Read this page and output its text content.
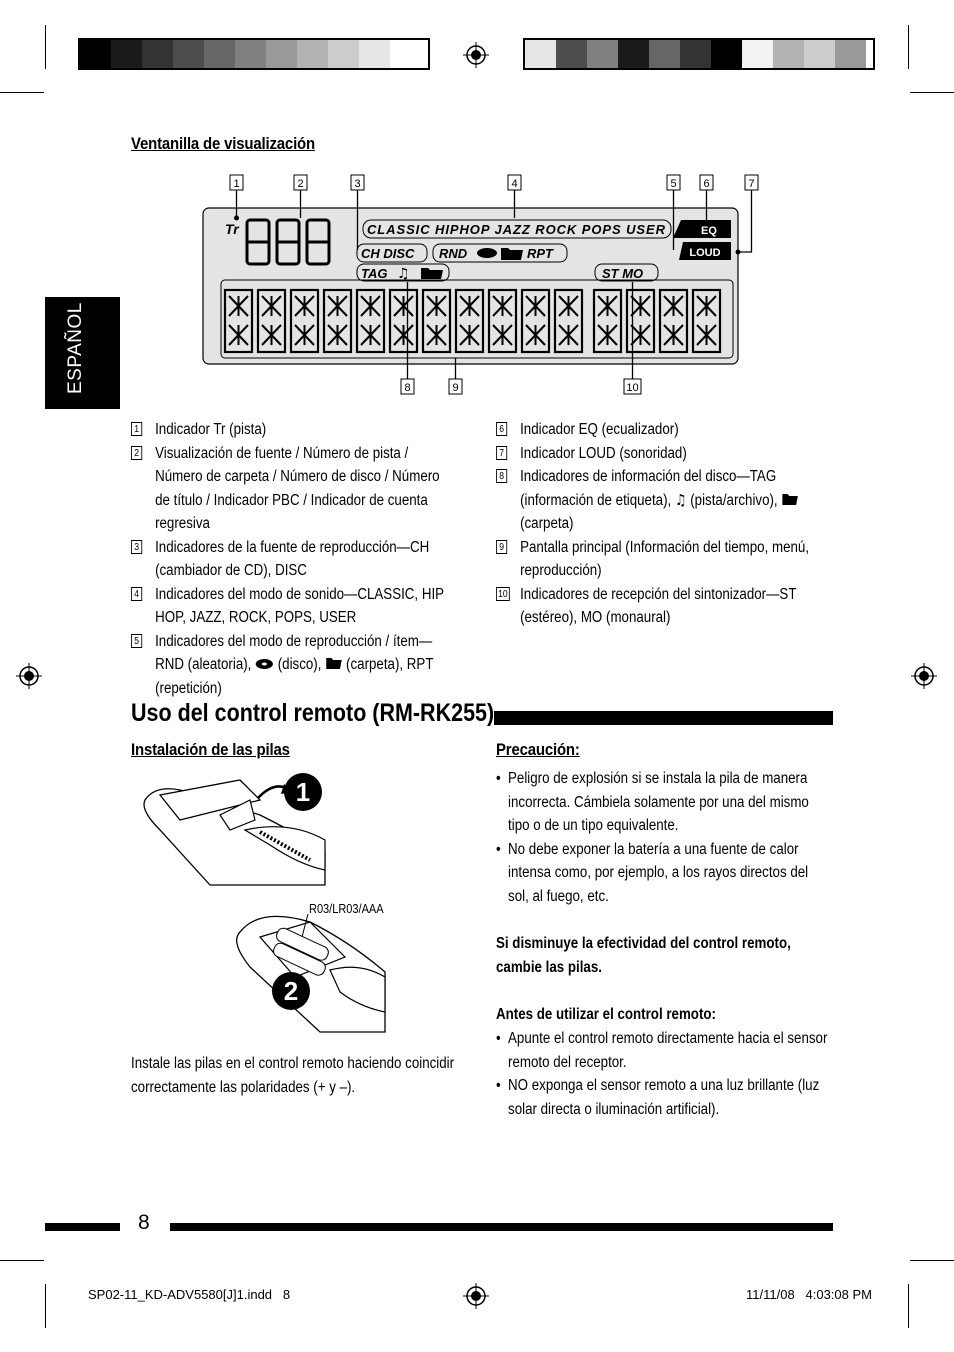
ESPAÑOL
Ventanilla de visualización
1	2	3	4	5 6	7
8	9	10
Tr	CLASSIC HIPHOP JAZZ ROCK POPS USER	EQ
LOUD
CH DISC RND	RPT
TAG ♫	ST MO
1 Indicador Tr (pista)
2 Visualización de fuente / Número de pista / Número de carpeta / Número de disco / Número de título / Indicador PBC / Indicador de cuenta regresiva
3 Indicadores de la fuente de reproducción—CH (cambiador de CD), DISC
4 Indicadores del modo de sonido—CLASSIC, HIP HOP, JAZZ, ROCK, POPS, USER
5 Indicadores del modo de reproducción / ítem—RND (aleatoria), (disco), (carpeta), RPT (repetición)
6 Indicador EQ (ecualizador)
7 Indicador LOUD (sonoridad)
8 Indicadores de información del disco—TAG (información de etiqueta), ♫ (pista/archivo),  (carpeta)
9 Pantalla principal (Información del tiempo, menú, reproducción)
10 Indicadores de recepción del sintonizador—ST (estéreo), MO (monaural)
Uso del control remoto (RM-RK255)
Instalación de las pilas
1
R03/LR03/AAA
2
Instale las pilas en el control remoto haciendo coincidir correctamente las polaridades (+ y –).
Precaución:
• Peligro de explosión si se instala la pila de manera incorrecta. Cámbiela solamente por una del mismo tipo o de un tipo equivalente.
• No debe exponer la batería a una fuente de calor intensa como, por ejemplo, a los rayos directos del sol, al fuego, etc.
Si disminuye la efectividad del control remoto, cambie las pilas.
Antes de utilizar el control remoto:
• Apunte el control remoto directamente hacia el sensor remoto del receptor.
• NO exponga el sensor remoto a una luz brillante (luz solar directa o iluminación artificial).
8
SP02-11_KD-ADV5580[J]1.indd   8	11/11/08   4:03:08 PM
